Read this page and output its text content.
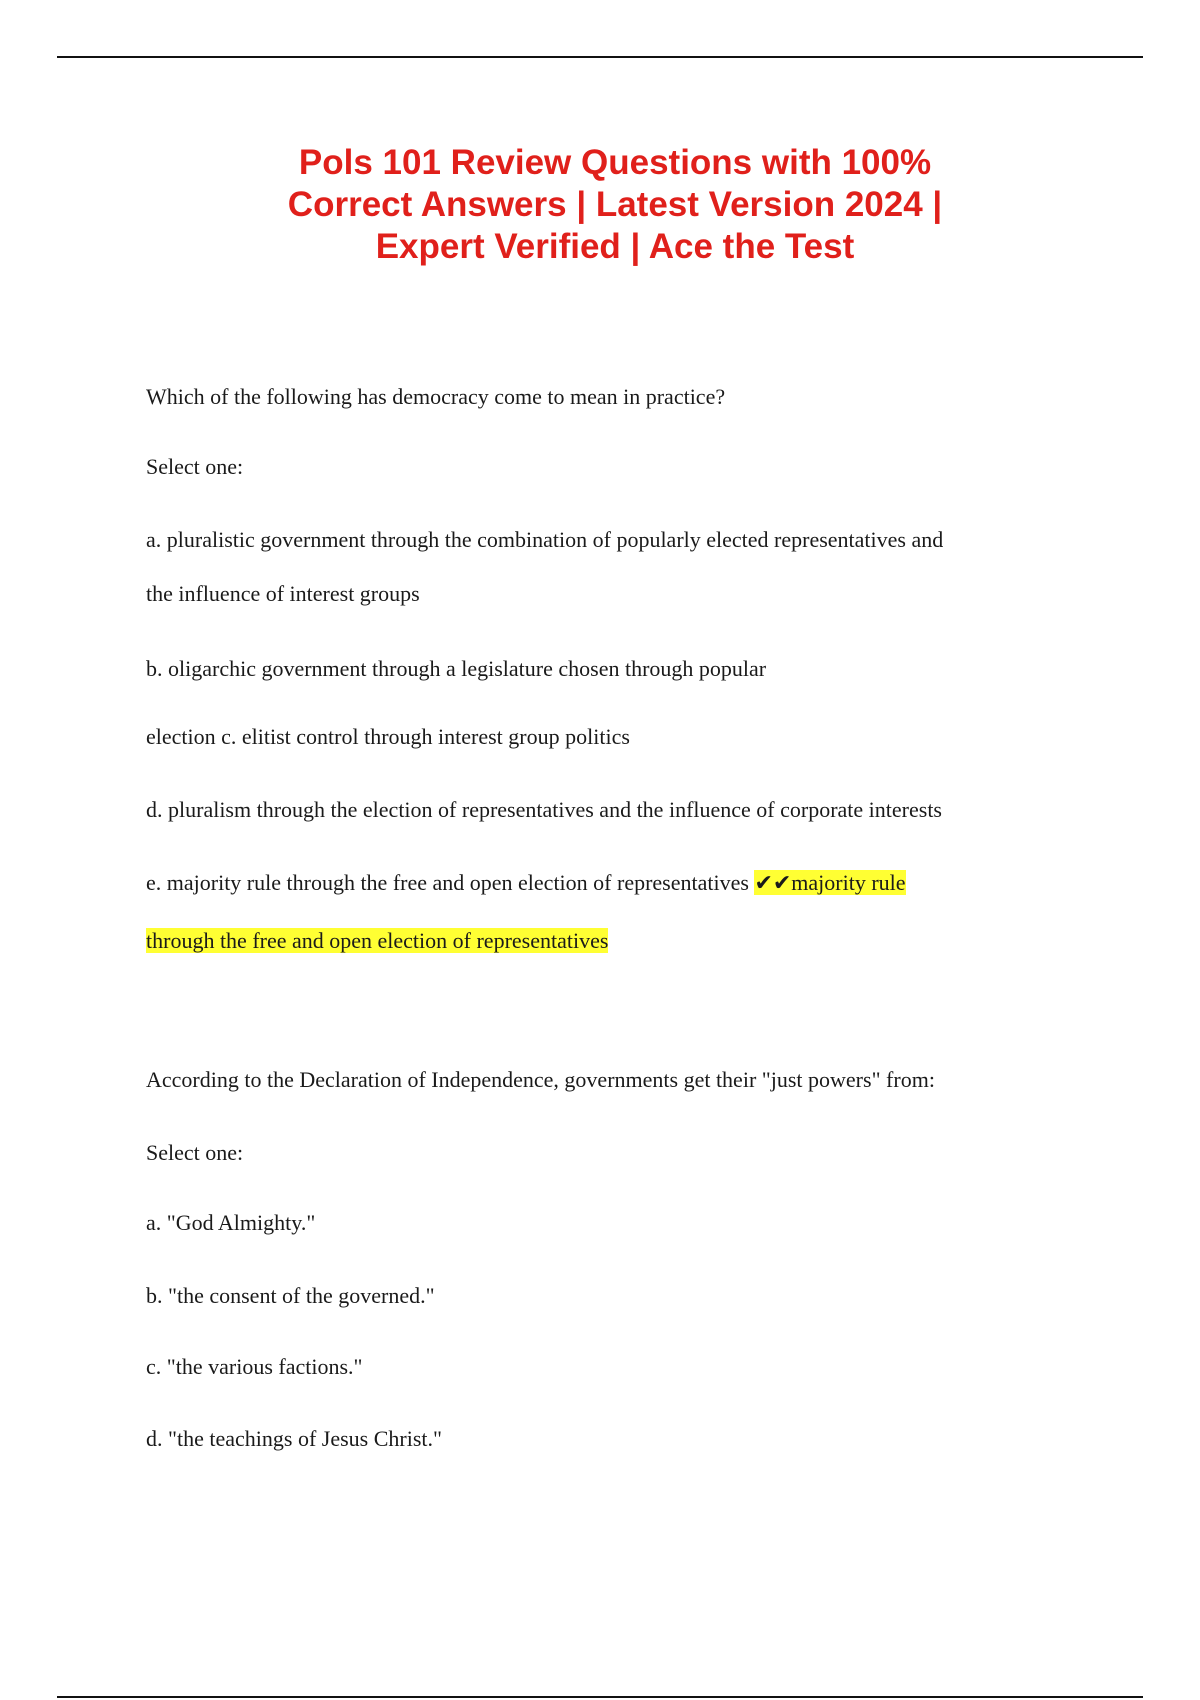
Pols 101 Review Questions with 100%
Correct Answers | Latest Version 2024 |
Expert Verified | Ace the Test

Which of the following has democracy come to mean in practice?

Select one:

a. pluralistic government through the combination of popularly elected representatives and

the influence of interest groups

b. oligarchic government through a legislature chosen through popular

election c. elitist control through interest group politics

d. pluralism through the election of representatives and the influence of corporate interests

e. majority rule through the free and open election of representatives ✔✔majority rule

through the free and open election of representatives

According to the Declaration of Independence, governments get their "just powers" from:

Select one:

a. "God Almighty."

b. "the consent of the governed."

c. "the various factions."

d. "the teachings of Jesus Christ."
